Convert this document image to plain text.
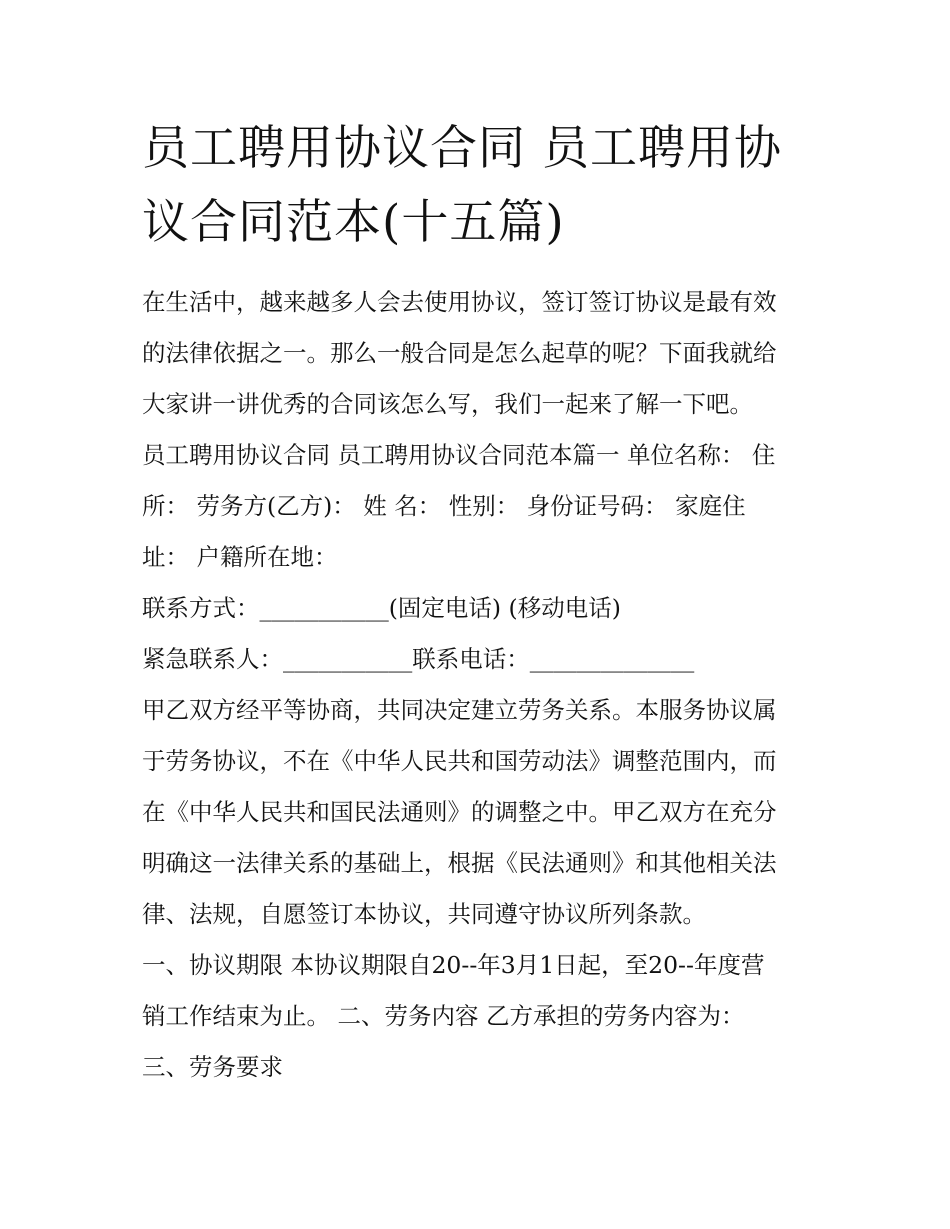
员工聘用协议合同 员工聘用协
议合同范本(十五篇)
在生活中，越来越多人会去使用协议，签订签订协议是最有效
的法律依据之一。那么一般合同是怎么起草的呢？下面我就给
大家讲一讲优秀的合同该怎么写，我们一起来了解一下吧。
员工聘用协议合同 员工聘用协议合同范本篇一 单位名称： 住
所： 劳务方(乙方)： 姓 名： 性别： 身份证号码： 家庭住
址： 户籍所在地：
联系方式：___________(固定电话) (移动电话)
紧急联系人：___________联系电话：______________
甲乙双方经平等协商，共同决定建立劳务关系。本服务协议属
于劳务协议，不在《中华人民共和国劳动法》调整范围内，而
在《中华人民共和国民法通则》的调整之中。甲乙双方在充分
明确这一法律关系的基础上，根据《民法通则》和其他相关法
律、法规，自愿签订本协议，共同遵守协议所列条款。
一、协议期限 本协议期限自20--年3月1日起，至20--年度营
销工作结束为止。 二、劳务内容 乙方承担的劳务内容为：
三、劳务要求
